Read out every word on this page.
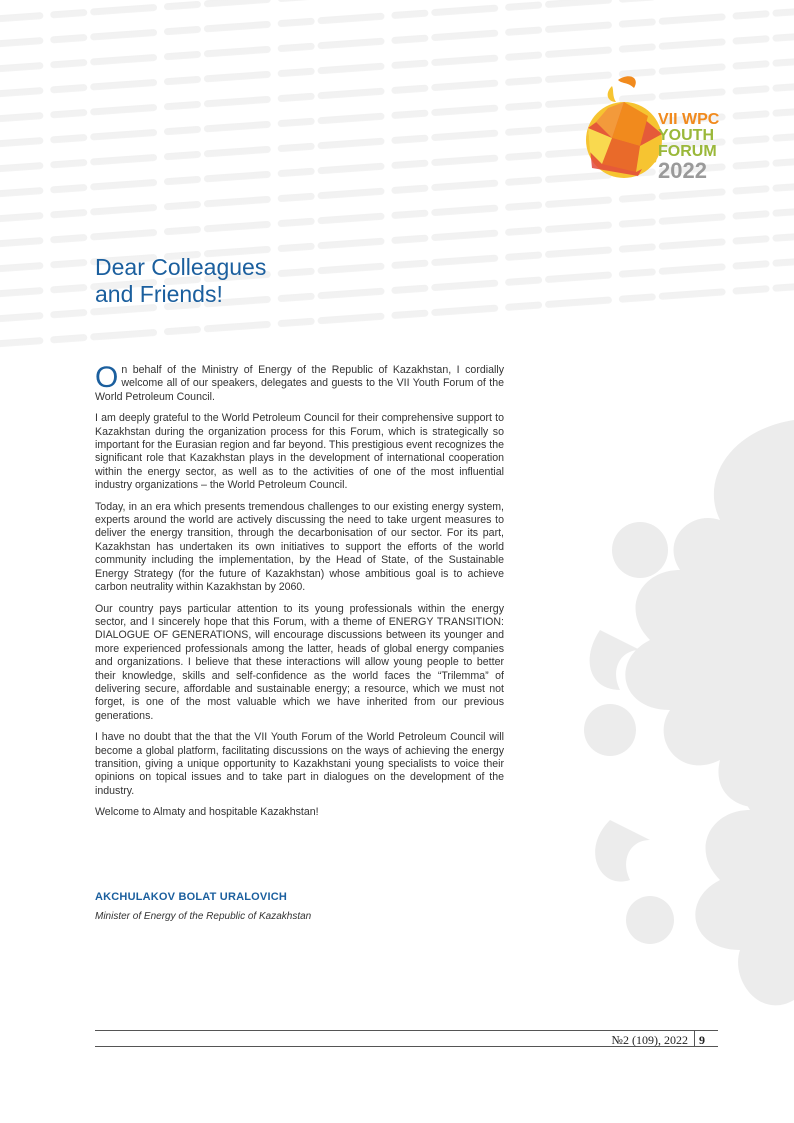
VII WPC
YOUTH
FORUM
2022
Dear Colleagues
and Friends!

On behalf of the Ministry of Energy of the Republic of Kazakhstan, I cordially welcome all of our speakers, delegates and guests to the VII Youth Forum of the World Petroleum Council.

I am deeply grateful to the World Petroleum Council for their comprehensive support to Kazakhstan during the organization process for this Forum, which is strategically so important for the Eurasian region and far beyond. This prestigious event recognizes the significant role that Kazakhstan plays in the development of international cooperation within the energy sector, as well as to the activities of one of the most influential industry organizations – the World Petroleum Council.

Today, in an era which presents tremendous challenges to our existing energy system, experts around the world are actively discussing the need to take urgent measures to deliver the energy transition, through the decarbonisation of our sector. For its part, Kazakhstan has undertaken its own initiatives to support the efforts of the world community including the implementation, by the Head of State, of the Sustainable Energy Strategy (for the future of Kazakhstan) whose ambitious goal is to achieve carbon neutrality within Kazakhstan by 2060.

Our country pays particular attention to its young professionals within the energy sector, and I sincerely hope that this Forum, with a theme of ENERGY TRANSITION: DIALOGUE OF GENERATIONS, will encourage discussions between its younger and more experienced professionals among the latter, heads of global energy companies and organizations. I believe that these interactions will allow young people to better their knowledge, skills and self-confidence as the world faces the “Trilemma” of delivering secure, affordable and sustainable energy; a resource, which we must not forget, is one of the most valuable which we have inherited from our previous generations.

I have no doubt that the that the VII Youth Forum of the World Petroleum Council will become a global platform, facilitating discussions on the ways of achieving the energy transition, giving a unique opportunity to Kazakhstani young specialists to voice their opinions on topical issues and to take part in dialogues on the development of the industry.

Welcome to Almaty and hospitable Kazakhstan!

AKCHULAKOV BOLAT URALOVICH
Minister of Energy of the Republic of Kazakhstan
№2 (109), 2022 9
